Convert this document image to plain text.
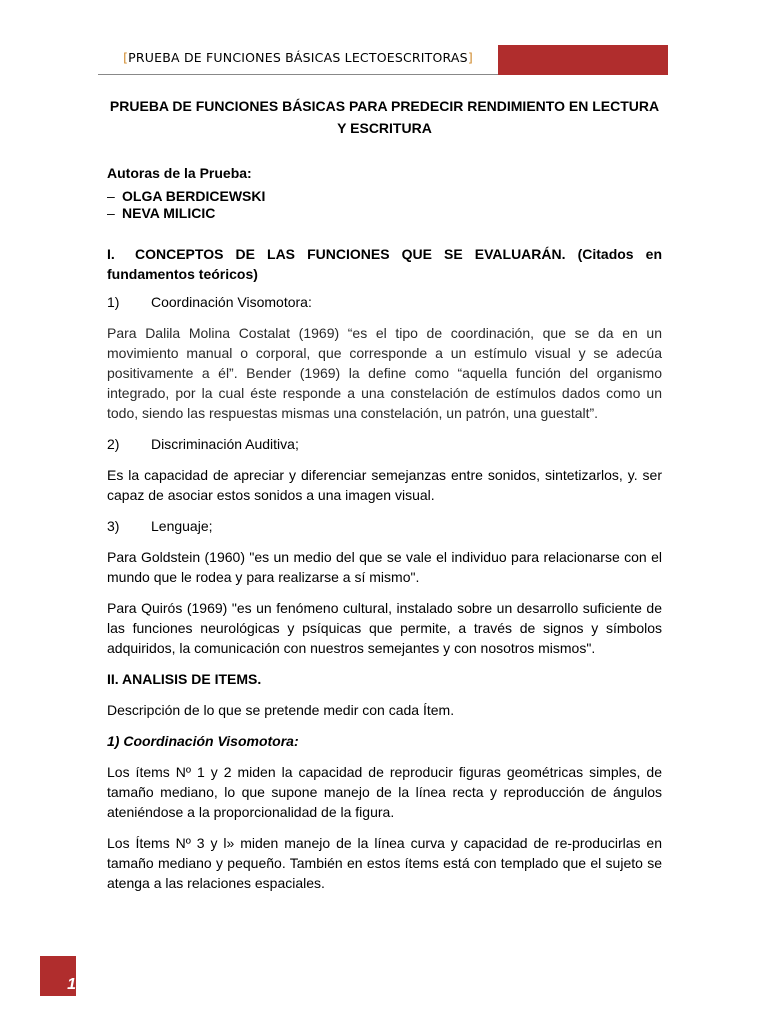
[PRUEBA DE FUNCIONES BÁSICAS LECTOESCRITORAS]

PRUEBA DE FUNCIONES BÁSICAS PARA PREDECIR RENDIMIENTO EN LECTURA Y ESCRITURA

Autoras de la Prueba:

– OLGA BERDICEWSKI

– NEVA MILICIC

I. CONCEPTOS DE LAS FUNCIONES QUE SE EVALUARÁN. (Citados en fundamentos teóricos)

1) Coordinación Visomotora:

Para Dalila Molina Costalat (1969) “es el tipo de coordinación, que se da en un movimiento manual o corporal, que corresponde a un estímulo visual y se adecúa positivamente a él”. Bender (1969) la define como “aquella función del organismo integrado, por la cual éste responde a una constelación de estímulos dados como un todo, siendo las respuestas mismas una constelación, un patrón, una guestalt”.

2) Discriminación Auditiva;

Es la capacidad de apreciar y diferenciar semejanzas entre sonidos, sintetizarlos, y. ser capaz de asociar estos sonidos a una imagen visual.

3) Lenguaje;

Para Goldstein (1960) "es un medio del que se vale el individuo para relacionarse con el mundo que le rodea y para realizarse a sí mismo".

Para Quirós (1969) "es un fenómeno cultural, instalado sobre un desarrollo suficiente de las funciones neurológicas y psíquicas que permite, a través de signos y símbolos adquiridos, la comunicación con nuestros semejantes y con nosotros mismos".

II. ANALISIS DE ITEMS.

Descripción de lo que se pretende medir con cada Ítem.

1) Coordinación Visomotora:

Los ítems Nº 1 y 2 miden la capacidad de reproducir figuras geométricas simples, de tamaño mediano, lo que supone manejo de la línea recta y reproducción de ángulos ateniéndose a la proporcionalidad de la figura.

Los Ítems Nº 3 y l» miden manejo de la línea curva y capacidad de re-producirlas en tamaño mediano y pequeño. También en estos ítems está con templado que el sujeto se atenga a las relaciones espaciales.

1
